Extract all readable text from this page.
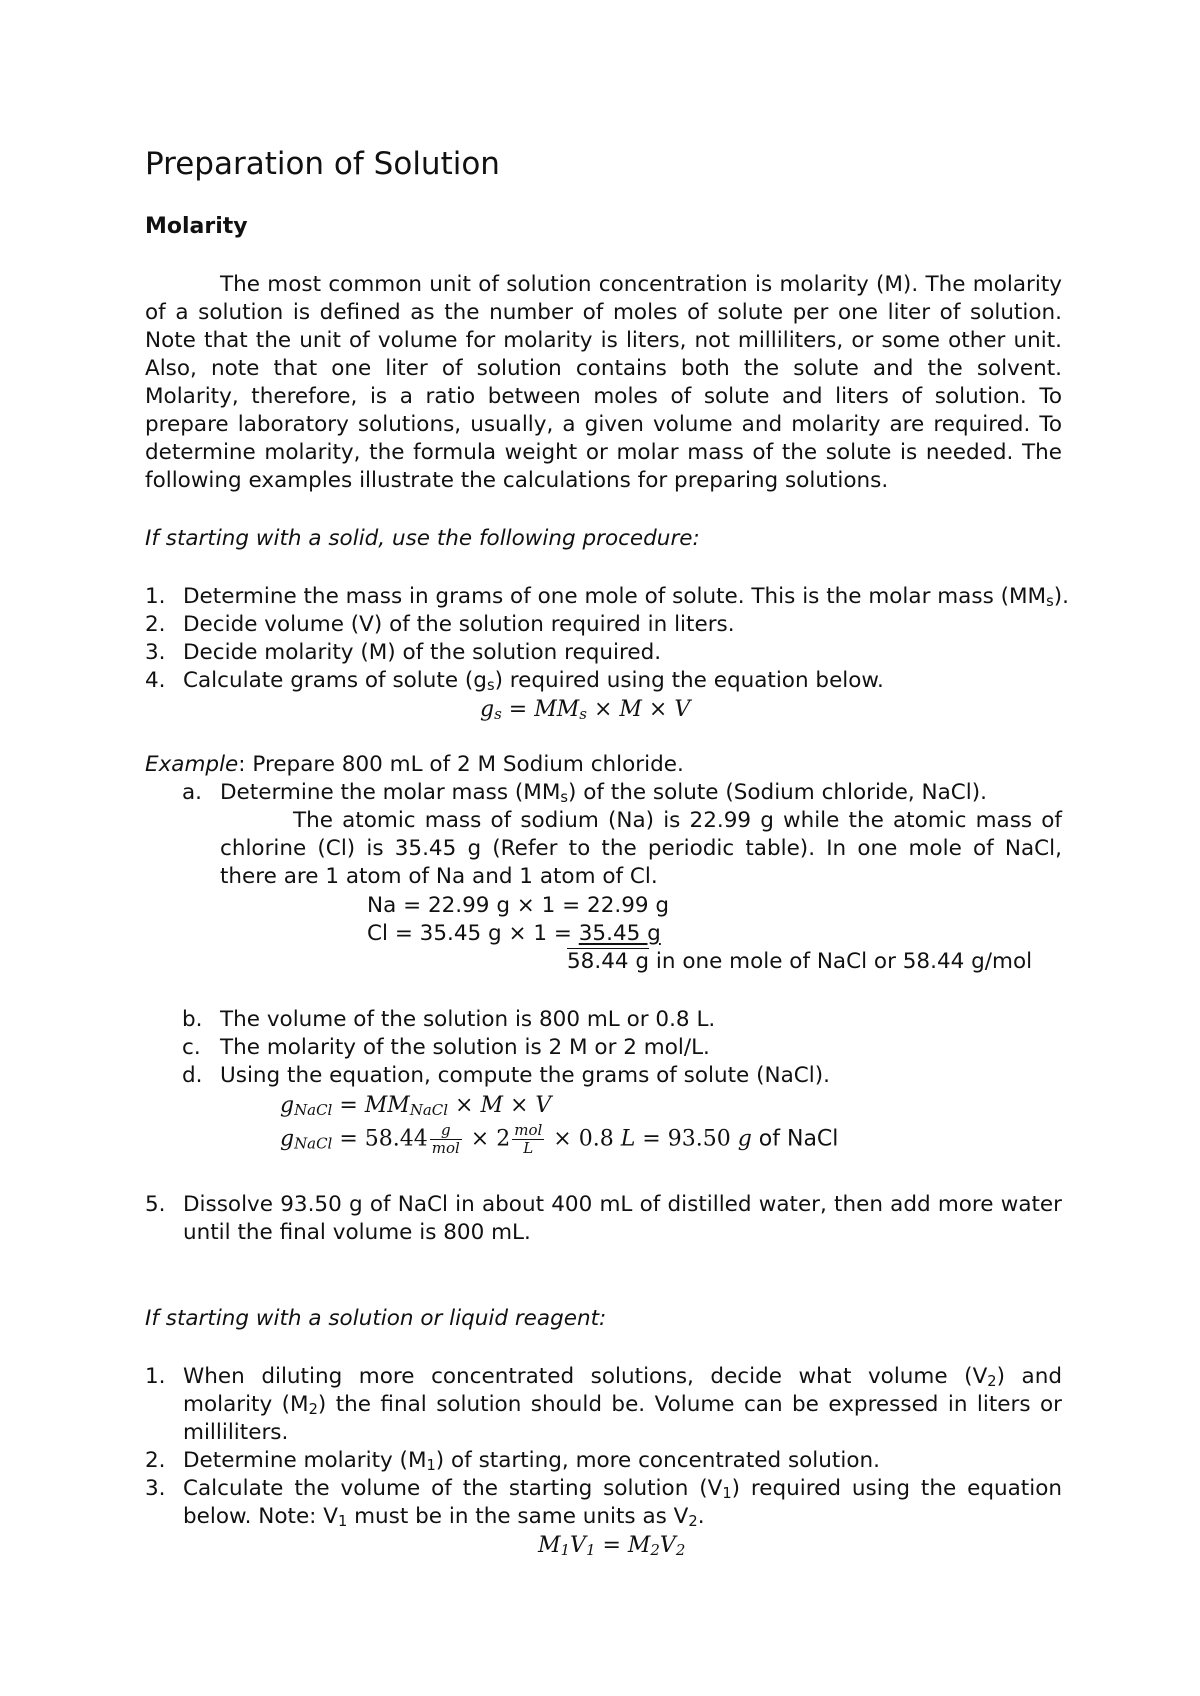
Preparation of Solution
Molarity
The most common unit of solution concentration is molarity (M). The molarity
of a solution is defined as the number of moles of solute per one liter of solution.
Note that the unit of volume for molarity is liters, not milliliters, or some other unit.
Also, note that one liter of solution contains both the solute and the solvent.
Molarity, therefore, is a ratio between moles of solute and liters of solution. To
prepare laboratory solutions, usually, a given volume and molarity are required. To
determine molarity, the formula weight or molar mass of the solute is needed. The
following examples illustrate the calculations for preparing solutions.
If starting with a solid, use the following procedure:
1. Determine the mass in grams of one mole of solute. This is the molar mass $(MM_s)$.
2. Decide volume (V) of the solution required in liters.
3. Decide molarity (M) of the solution required.
4. Calculate grams of solute $(g_s)$ required using the equation below.
$g_s = MM_s \times M \times V$
Example: Prepare 800 mL of 2 M Sodium chloride.
a. Determine the molar mass $(MM_s)$ of the solute (Sodium chloride, NaCl).
The atomic mass of sodium (Na) is 22.99 g while the atomic mass of
chlorine (Cl) is 35.45 g (Refer to the periodic table). In one mole of NaCl,
there are 1 atom of Na and 1 atom of Cl.
Na = 22.99 g × 1 = 22.99 g
Cl = 35.45 g × 1 = 35.45 g
58.44 g in one mole of NaCl or 58.44 g/mol
b. The volume of the solution is 800 mL or 0.8 L.
c. The molarity of the solution is 2 M or 2 mol/L.
d. Using the equation, compute the grams of solute (NaCl).
$g_{NaCl} = MM_{NaCl} \times M \times V$
$g_{NaCl} = 58.44 \frac{g}{\text{mol}} \times 2 \frac{\text{mol}}{L} \times 0.8$ L = 93.50 g of NaCl
5. Dissolve 93.50 g of NaCl in about 400 mL of distilled water, then add more water
until the final volume is 800 mL.
If starting with a solution or liquid reagent:
1. When diluting more concentrated solutions, decide what volume $(V_2)$ and
molarity $(M_2)$ the final solution should be. Volume can be expressed in liters or
milliliters.
2. Determine molarity $(M_1)$ of starting, more concentrated solution.
3. Calculate the volume of the starting solution $(V_1)$ required using the equation
below. Note: $V_1$ must be in the same units as $V_2$.
$M_1V_1 = M_2V_2$
